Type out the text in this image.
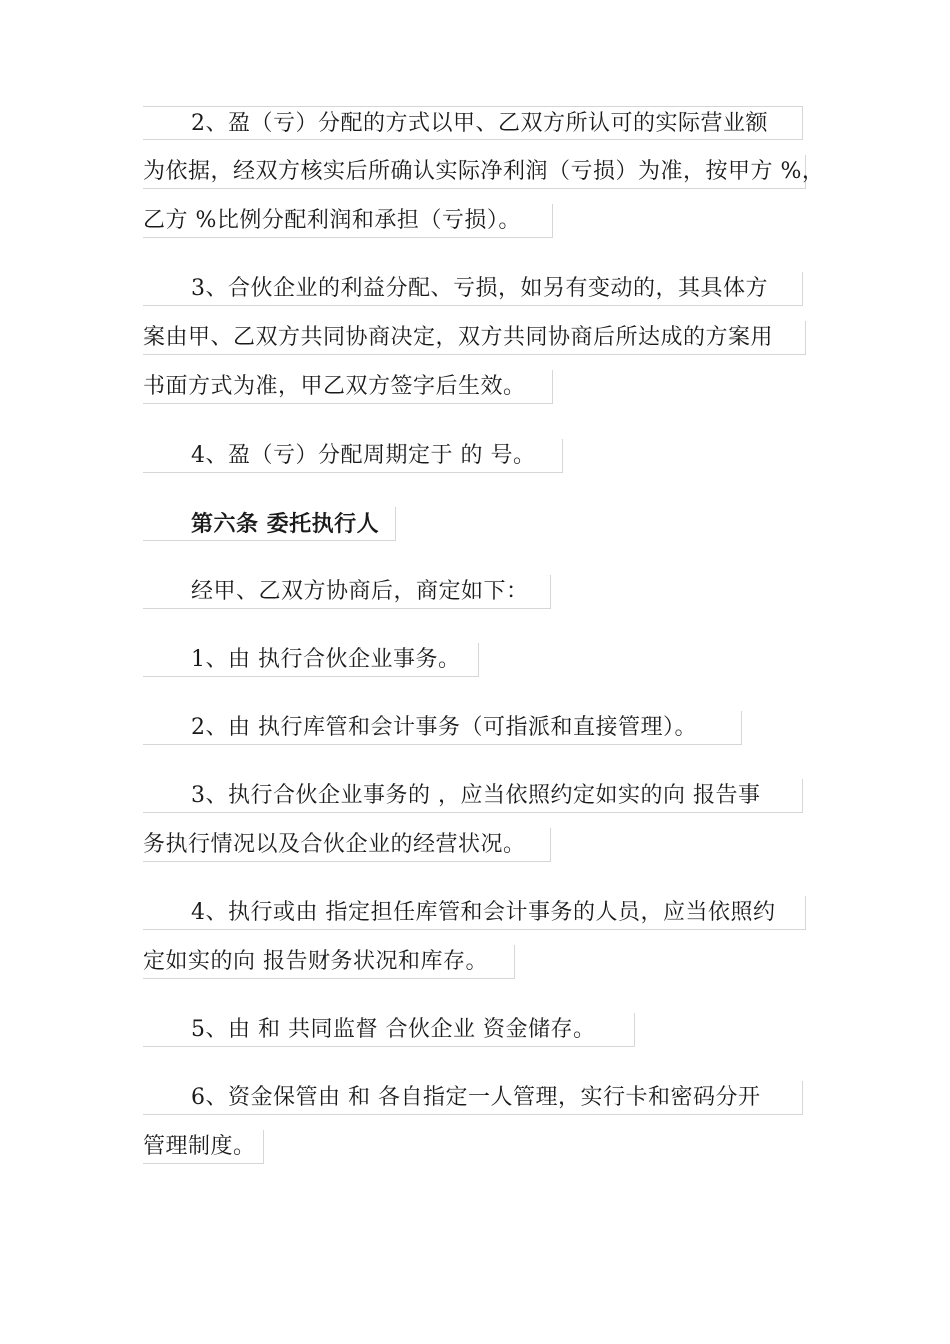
2、盈（亏）分配的方式以甲、乙双方所认可的实际营业额
为依据，经双方核实后所确认实际净利润（亏损）为准，按甲方 %，
乙方 %比例分配利润和承担（亏损）。
3、合伙企业的利益分配、亏损，如另有变动的，其具体方
案由甲、乙双方共同协商决定，双方共同协商后所达成的方案用
书面方式为准，甲乙双方签字后生效。
4、盈（亏）分配周期定于 的 号。
第六条 委托执行人
经甲、乙双方协商后，商定如下：
1、由 执行合伙企业事务。
2、由 执行库管和会计事务（可指派和直接管理）。
3、执行合伙企业事务的 ，应当依照约定如实的向 报告事
务执行情况以及合伙企业的经营状况。
4、执行或由 指定担任库管和会计事务的人员，应当依照约
定如实的向 报告财务状况和库存。
5、由 和 共同监督 合伙企业 资金储存。
6、资金保管由 和 各自指定一人管理，实行卡和密码分开
管理制度。
